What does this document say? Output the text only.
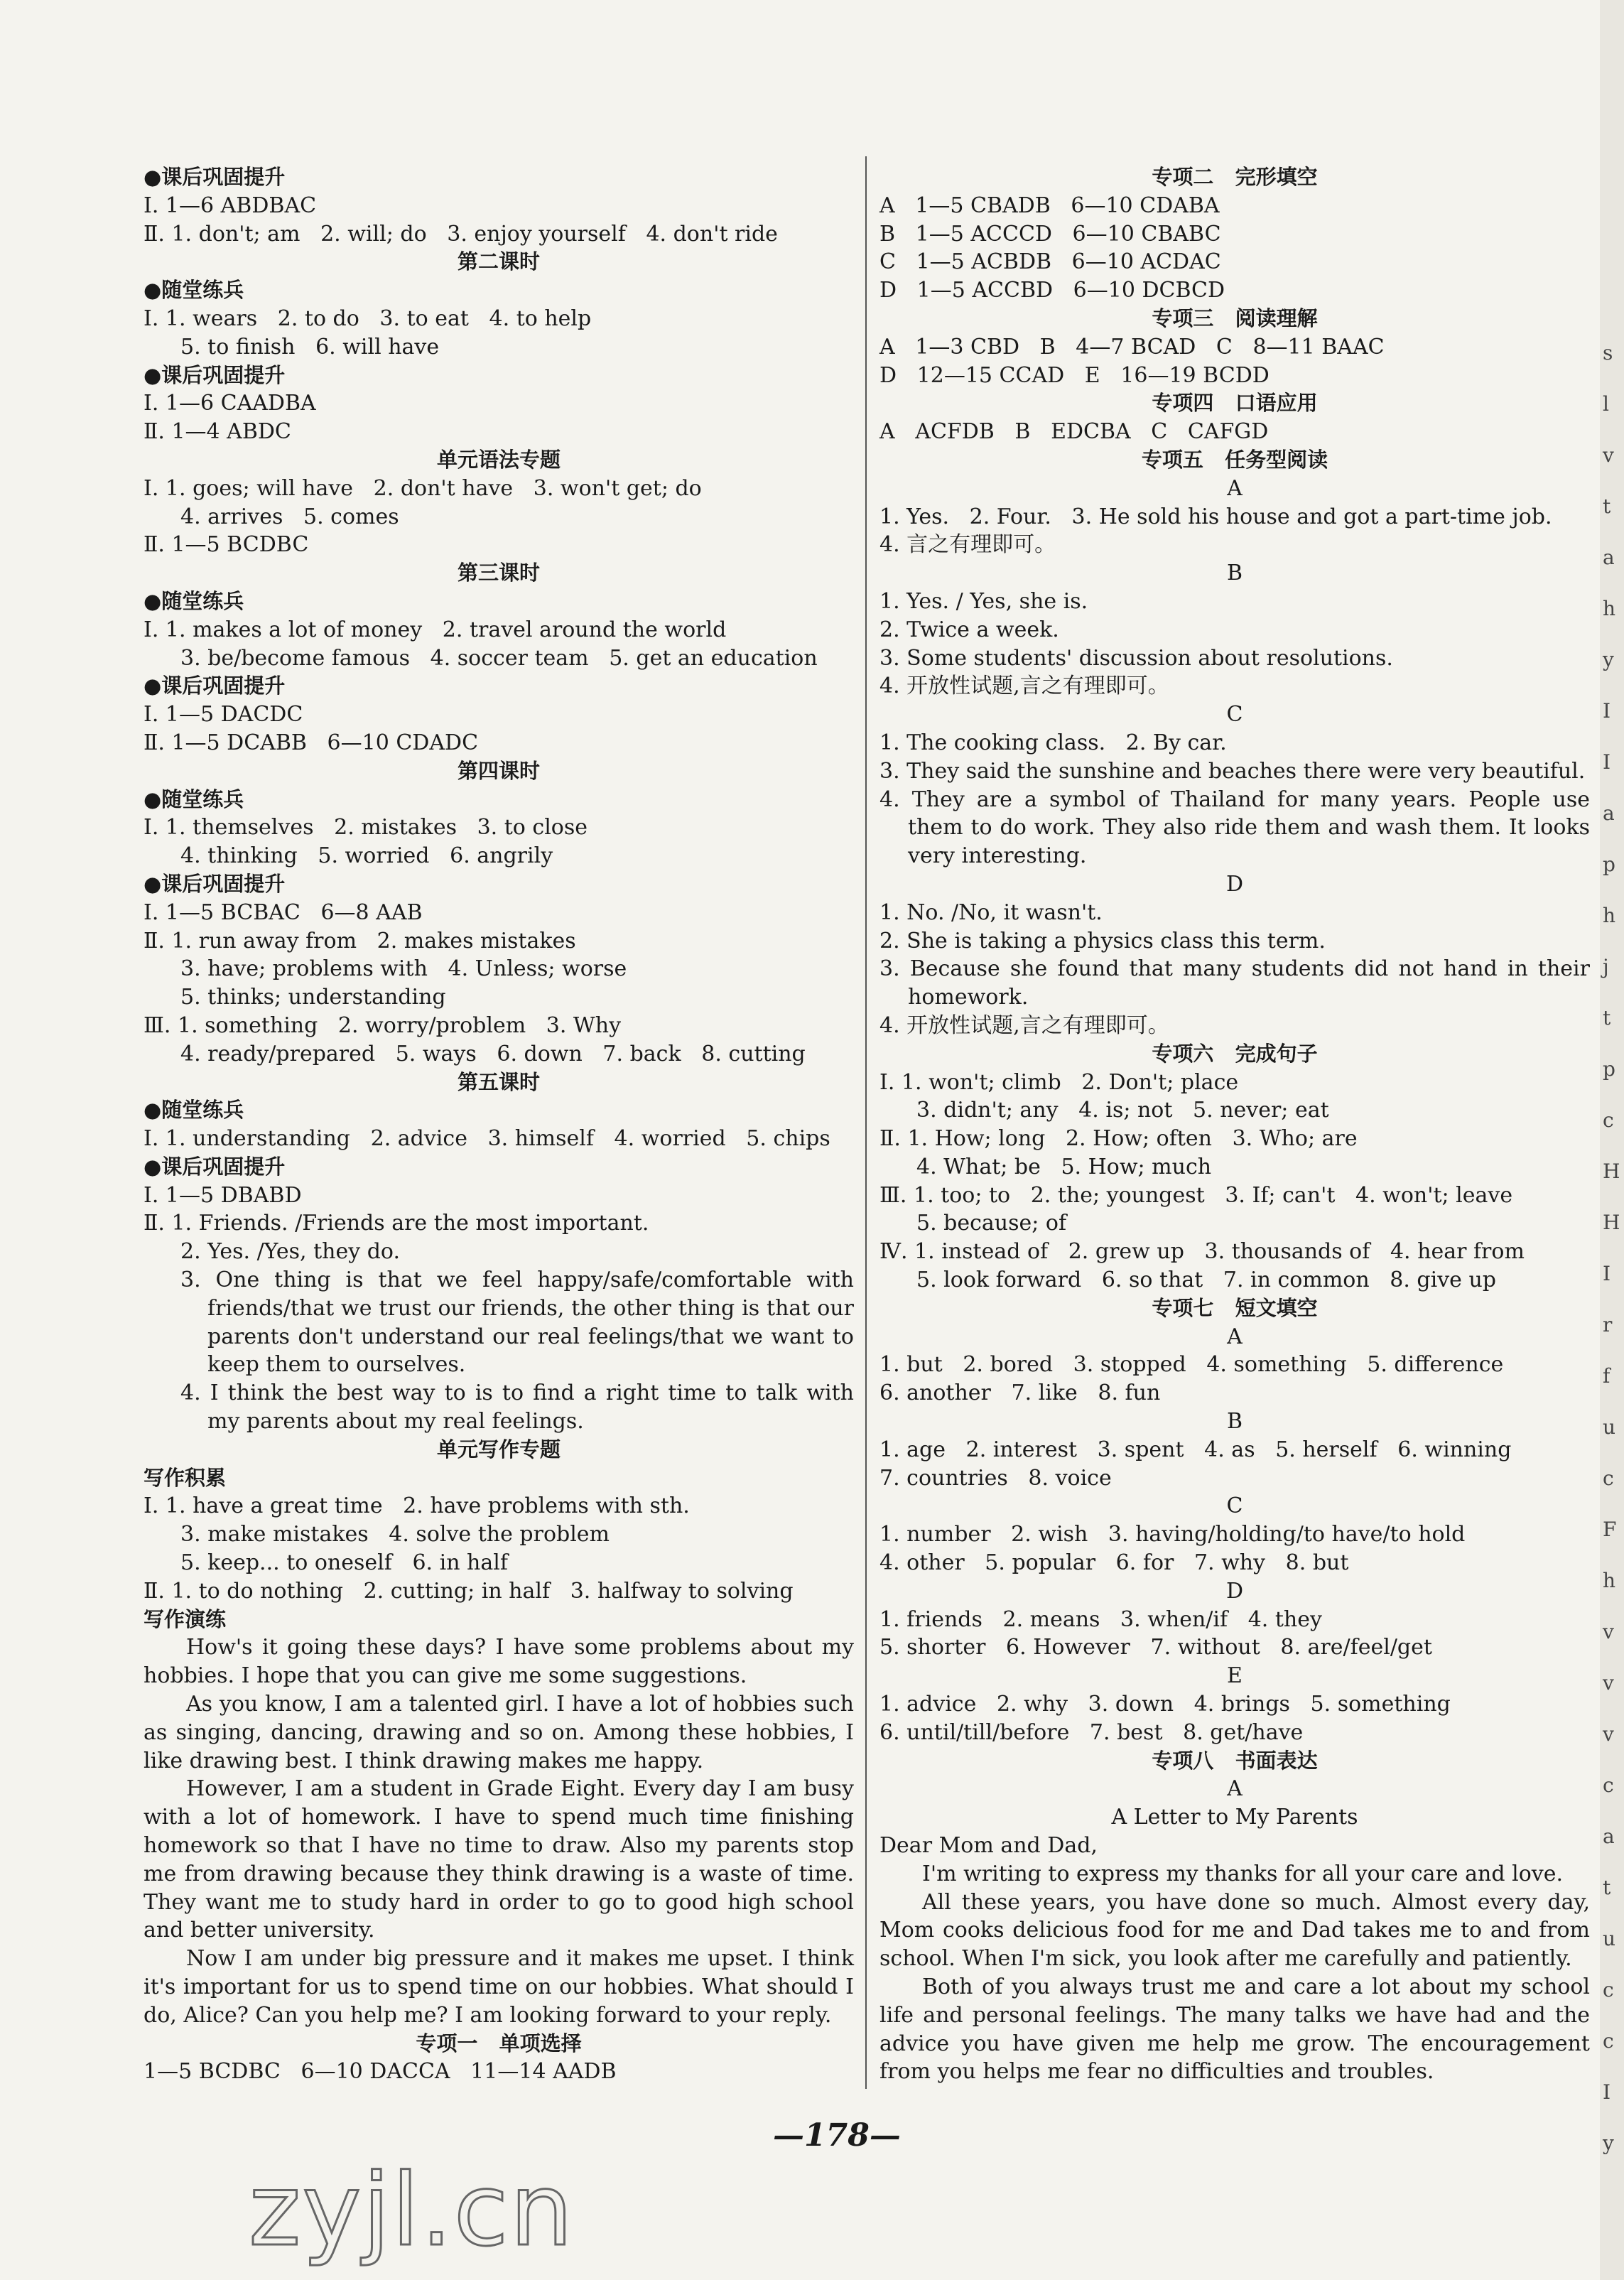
s
l
v
t
a
h
y
I
I
a
p
h
j
t
p
c
H
H
I
r
f
u
c
F
h
v
v
v
c
a
t
u
c
c
I
y
●课后巩固提升
Ⅰ. 1—6 ABDBAC
Ⅱ. 1. don't; am   2. will; do   3. enjoy yourself   4. don't ride
第二课时
●随堂练兵
Ⅰ. 1. wears   2. to do   3. to eat   4. to help
5. to finish   6. will have
●课后巩固提升
Ⅰ. 1—6 CAADBA
Ⅱ. 1—4 ABDC
单元语法专题
Ⅰ. 1. goes; will have   2. don't have   3. won't get; do
4. arrives   5. comes
Ⅱ. 1—5 BCDBC
第三课时
●随堂练兵
Ⅰ. 1. makes a lot of money   2. travel around the world
3. be/become famous   4. soccer team   5. get an education
●课后巩固提升
Ⅰ. 1—5 DACDC
Ⅱ. 1—5 DCABB   6—10 CDADC
第四课时
●随堂练兵
Ⅰ. 1. themselves   2. mistakes   3. to close
4. thinking   5. worried   6. angrily
●课后巩固提升
Ⅰ. 1—5 BCBAC   6—8 AAB
Ⅱ. 1. run away from   2. makes mistakes
3. have; problems with   4. Unless; worse
5. thinks; understanding
Ⅲ. 1. something   2. worry/problem   3. Why
4. ready/prepared   5. ways   6. down   7. back   8. cutting
第五课时
●随堂练兵
Ⅰ. 1. understanding   2. advice   3. himself   4. worried   5. chips
●课后巩固提升
Ⅰ. 1—5 DBABD
Ⅱ. 1. Friends. /Friends are the most important.
2. Yes. /Yes, they do.
3. One thing is that we feel happy/safe/comfortable with friends/that we trust our friends, the other thing is that our parents don't understand our real feelings/that we want to keep them to ourselves.
4. I think the best way to is to find a right time to talk with my parents about my real feelings.
单元写作专题
写作积累
Ⅰ. 1. have a great time   2. have problems with sth.
3. make mistakes   4. solve the problem
5. keep... to oneself   6. in half
Ⅱ. 1. to do nothing   2. cutting; in half   3. halfway to solving
写作演练
How's it going these days? I have some problems about my hobbies. I hope that you can give me some suggestions.
As you know, I am a talented girl. I have a lot of hobbies such as singing, dancing, drawing and so on. Among these hobbies, I like drawing best. I think drawing makes me happy.
However, I am a student in Grade Eight. Every day I am busy with a lot of homework. I have to spend much time finishing homework so that I have no time to draw. Also my parents stop me from drawing because they think drawing is a waste of time. They want me to study hard in order to go to good high school and better university.
Now I am under big pressure and it makes me upset. I think it's important for us to spend time on our hobbies. What should I do, Alice? Can you help me? I am looking forward to your reply.
专项一   单项选择
1—5 BCDBC   6—10 DACCA   11—14 AADB
专项二   完形填空
A   1—5 CBADB   6—10 CDABA
B   1—5 ACCCD   6—10 CBABC
C   1—5 ACBDB   6—10 ACDAC
D   1—5 ACCBD   6—10 DCBCD
专项三   阅读理解
A   1—3 CBD   B   4—7 BCAD   C   8—11 BAAC
D   12—15 CCAD   E   16—19 BCDD
专项四   口语应用
A   ACFDB   B   EDCBA   C   CAFGD
专项五   任务型阅读
A
1. Yes.   2. Four.   3. He sold his house and got a part-time job.
4. 言之有理即可。
B
1. Yes. / Yes, she is.
2. Twice a week.
3. Some students' discussion about resolutions.
4. 开放性试题,言之有理即可。
C
1. The cooking class.   2. By car.
3. They said the sunshine and beaches there were very beautiful.
4. They are a symbol of Thailand for many years. People use them to do work. They also ride them and wash them. It looks very interesting.
D
1. No. /No, it wasn't.
2. She is taking a physics class this term.
3. Because she found that many students did not hand in their homework.
4. 开放性试题,言之有理即可。
专项六   完成句子
Ⅰ. 1. won't; climb   2. Don't; place
3. didn't; any   4. is; not   5. never; eat
Ⅱ. 1. How; long   2. How; often   3. Who; are
4. What; be   5. How; much
Ⅲ. 1. too; to   2. the; youngest   3. If; can't   4. won't; leave
5. because; of
Ⅳ. 1. instead of   2. grew up   3. thousands of   4. hear from
5. look forward   6. so that   7. in common   8. give up
专项七   短文填空
A
1. but   2. bored   3. stopped   4. something   5. difference
6. another   7. like   8. fun
B
1. age   2. interest   3. spent   4. as   5. herself   6. winning
7. countries   8. voice
C
1. number   2. wish   3. having/holding/to have/to hold
4. other   5. popular   6. for   7. why   8. but
D
1. friends   2. means   3. when/if   4. they
5. shorter   6. However   7. without   8. are/feel/get
E
1. advice   2. why   3. down   4. brings   5. something
6. until/till/before   7. best   8. get/have
专项八   书面表达
A
A Letter to My Parents
Dear Mom and Dad,
I'm writing to express my thanks for all your care and love.
All these years, you have done so much. Almost every day, Mom cooks delicious food for me and Dad takes me to and from school. When I'm sick, you look after me carefully and patiently.
Both of you always trust me and care a lot about my school life and personal feelings. The many talks we have had and the advice you have given me help me grow. The encouragement from you helps me fear no difficulties and troubles.
—178—
zyjl.cn
